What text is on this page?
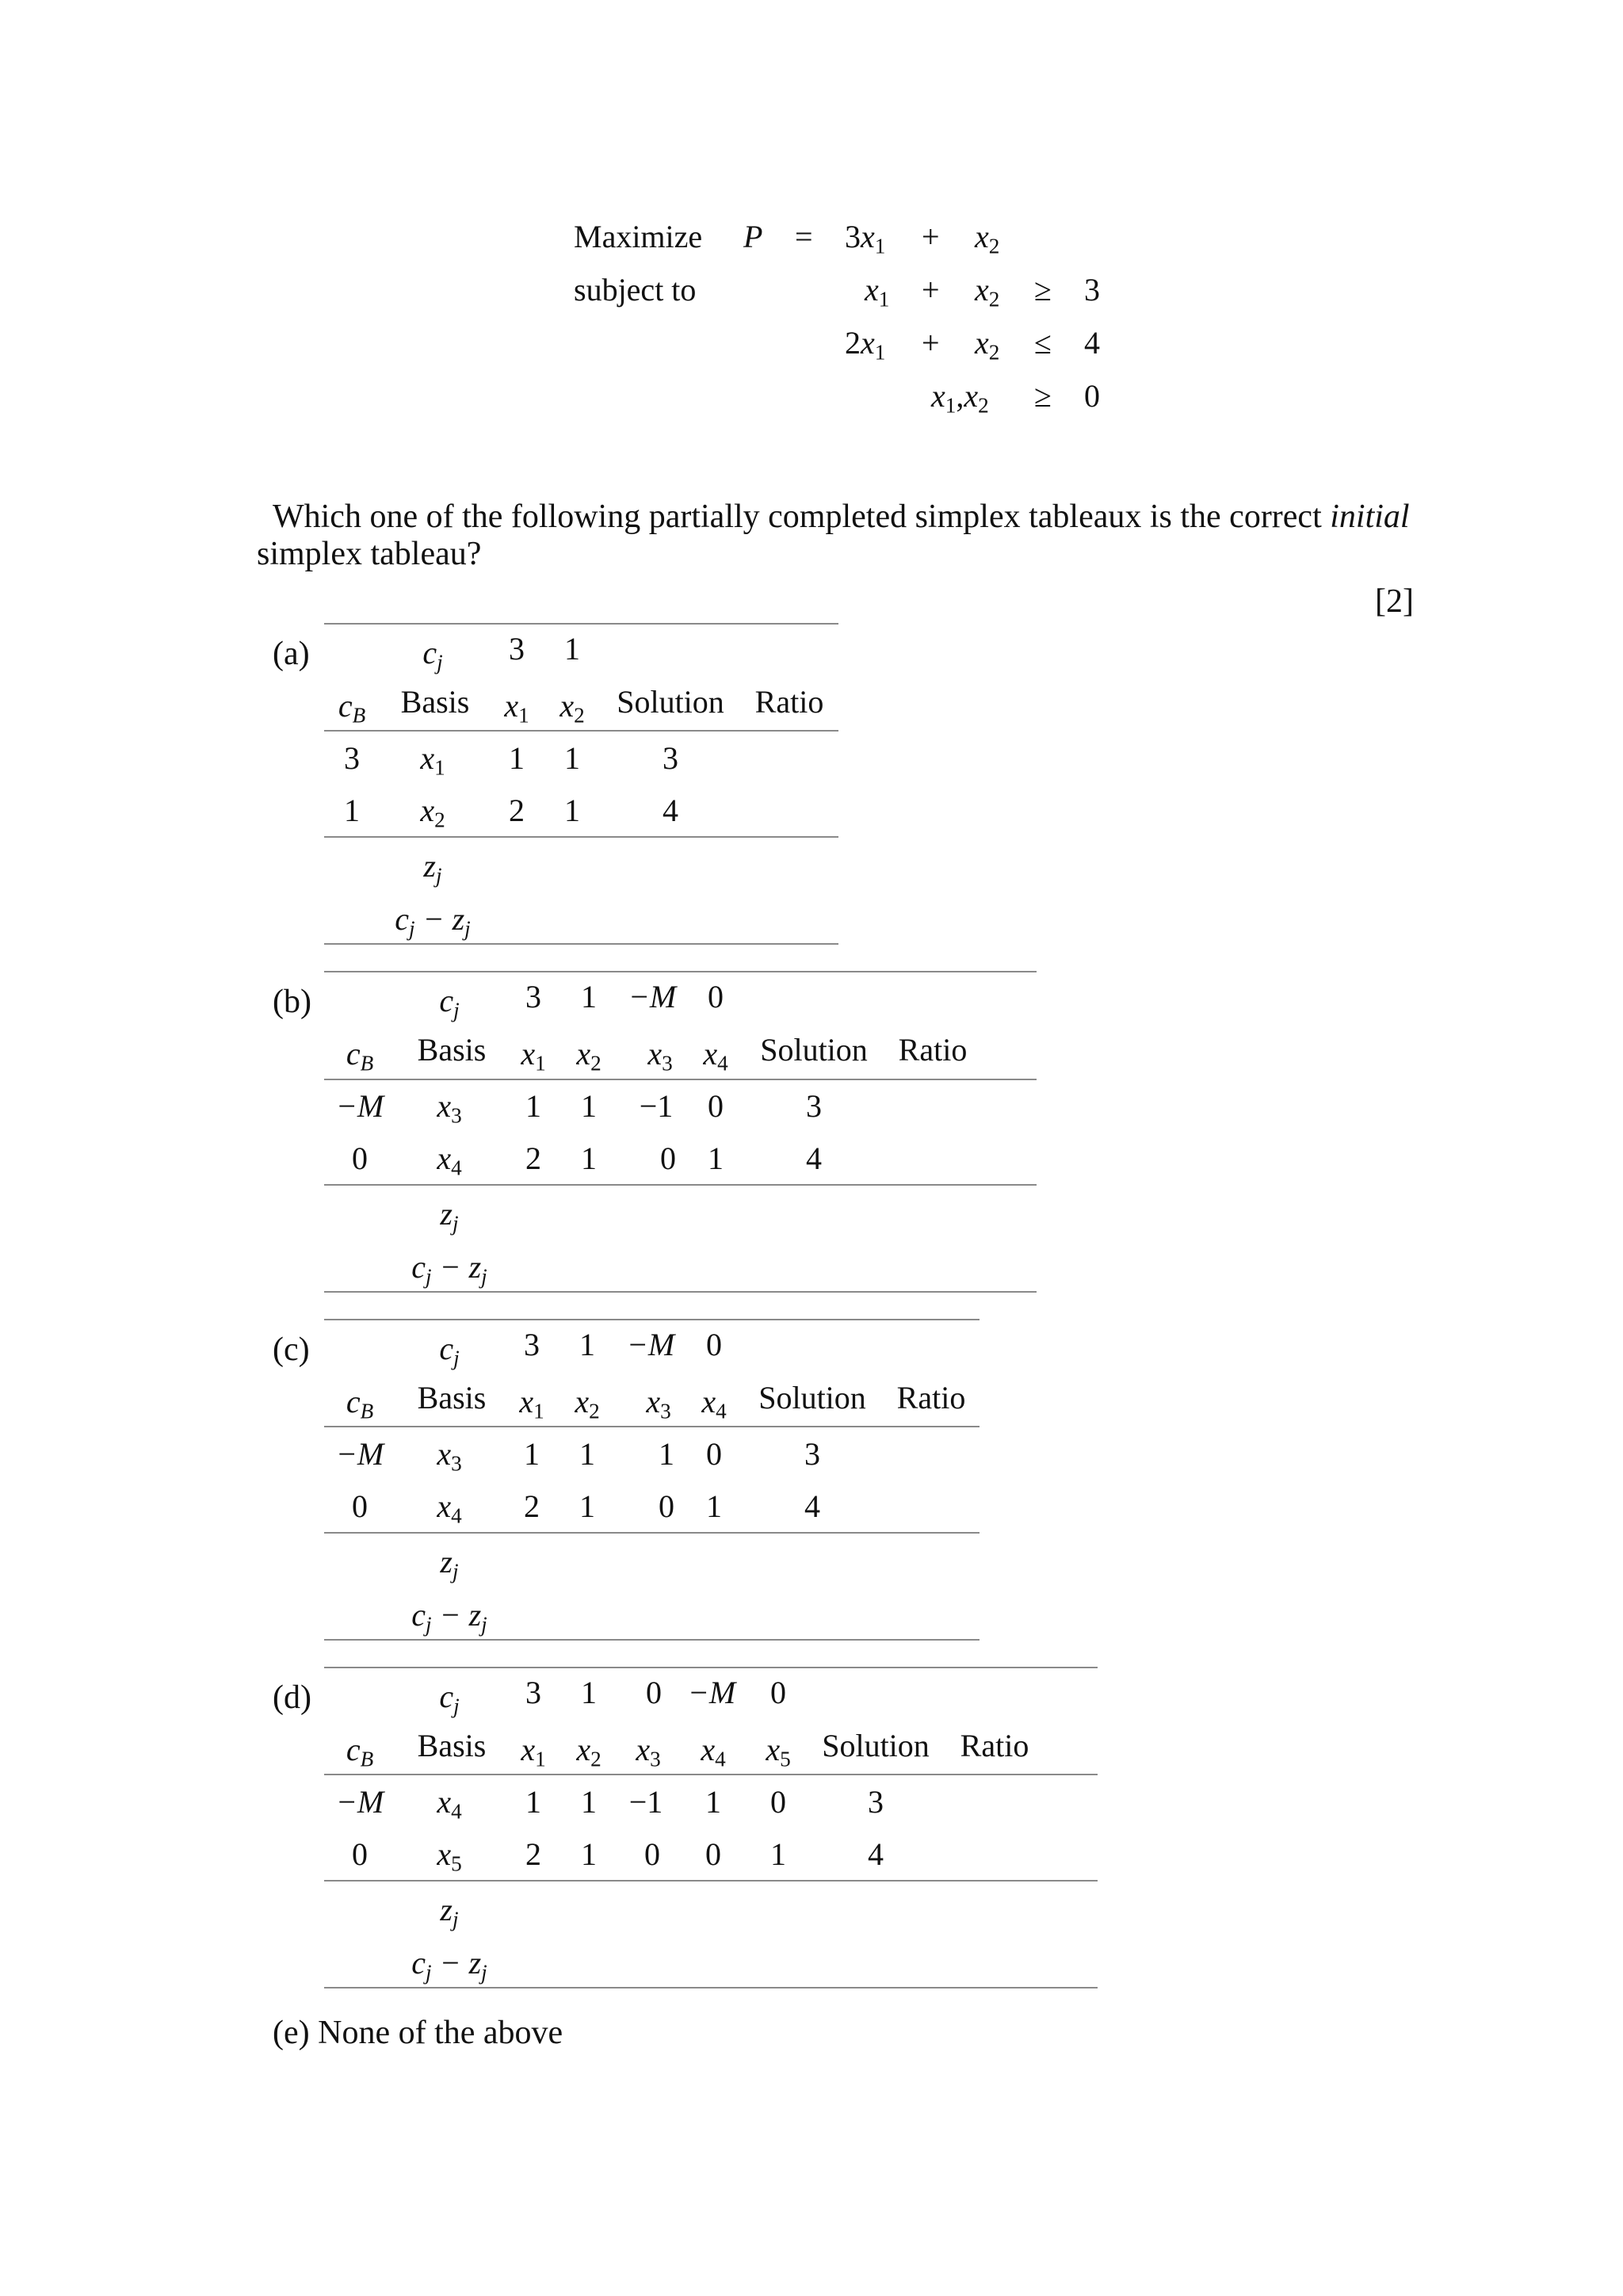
Maximize $P = 3x_1 + x_2$
subject to	$x_1 + x_2 \ge 3$
$2x_1 + x_2 \le 4$
$x_1,x_2 \ge 0$
Which one of the following partially completed simplex tableaux is the correct initial
simplex tableau?
[2]
(a)	$c_j$ 3 1
$c_B$ Basis $x_1$ $x_2$ Solution Ratio
3 $x_1$ 1 1	3
1 $x_2$ 2 1	4
$z_j$
$c_j - z_j$
(b)	$c_j$ 3 1 −M 0
$c_B$ Basis $x_1$ $x_2$ $x_3$ $x_4$ Solution Ratio
−M $x_3$ 1 1 −1 0	3
0 $x_4$ 2 1 0 1	4
$z_j$
$c_j - z_j$
(c)	$c_j$ 3 1 −M 0
$c_B$ Basis $x_1$ $x_2$ $x_3$ $x_4$ Solution Ratio
−M $x_3$ 1 1 1 0	3
0 $x_4$ 2 1 0 1	4
$z_j$
$c_j - z_j$
(d)	$c_j$ 3 1 0 −M 0
$c_B$ Basis $x_1$ $x_2$ $x_3$ $x_4$ $x_5$ Solution Ratio
−M $x_4$ 1 1 −1 1 0	3
0 $x_5$ 2 1 0 0 1	4
$z_j$
$c_j - z_j$
(e) None of the above
